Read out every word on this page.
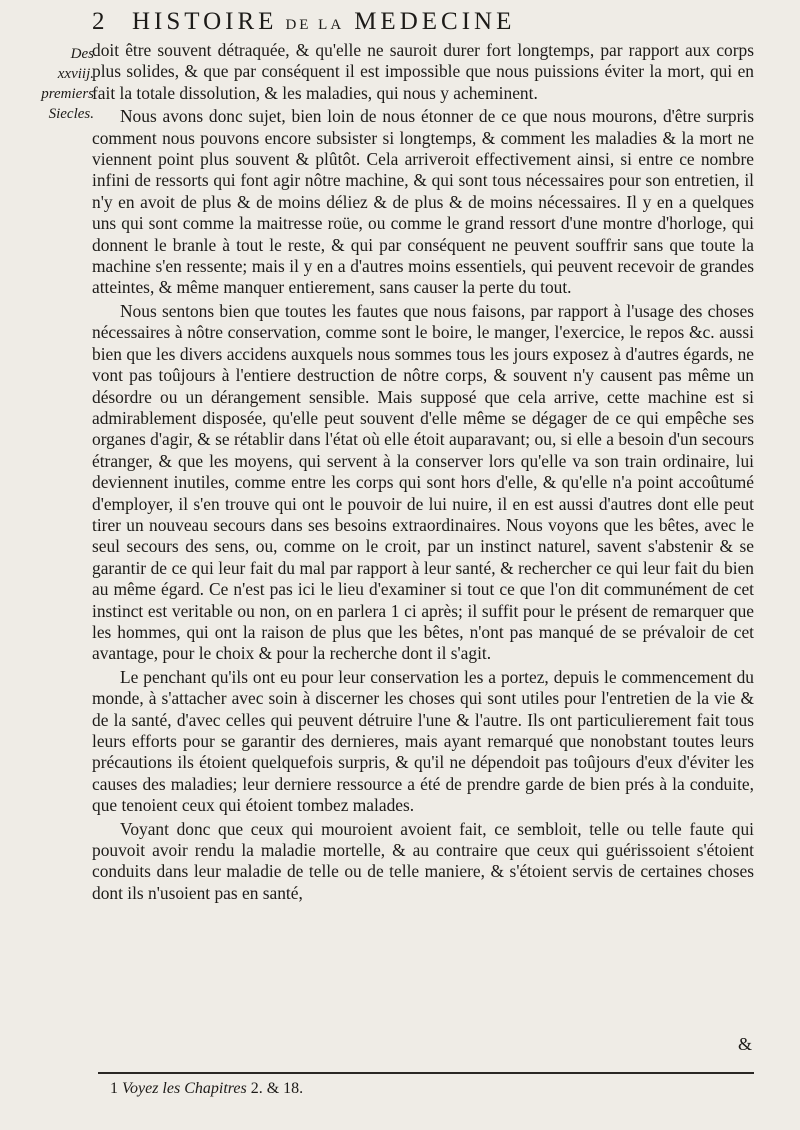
2 HISTOIRE DE LA MEDECINE
Des
xxviij.
premiers
Siecles.

doit être souvent détraquée, & qu'elle ne sauroit durer fort longtemps, par rapport aux corps plus solides, & que par conséquent il est impossible que nous puissions éviter la mort, qui en fait la totale dissolution, & les maladies, qui nous y acheminent.

Nous avons donc sujet, bien loin de nous étonner de ce que nous mourons, d'être surpris comment nous pouvons encore subsister si longtemps, & comment les maladies & la mort ne viennent point plus souvent & plûtôt. Cela arriveroit effectivement ainsi, si entre ce nombre infini de ressorts qui font agir nôtre machine, & qui sont tous nécessaires pour son entretien, il n'y en avoit de plus & de moins déliez & de plus & de moins nécessaires. Il y en a quelques uns qui sont comme la maitresse roüe, ou comme le grand ressort d'une montre d'horloge, qui donnent le branle à tout le reste, & qui par conséquent ne peuvent souffrir sans que toute la machine s'en ressente; mais il y en a d'autres moins essentiels, qui peuvent recevoir de grandes atteintes, & même manquer entierement, sans causer la perte du tout.

Nous sentons bien que toutes les fautes que nous faisons, par rapport à l'usage des choses nécessaires à nôtre conservation, comme sont le boire, le manger, l'exercice, le repos &c. aussi bien que les divers accidens auxquels nous sommes tous les jours exposez à d'autres égards, ne vont pas toûjours à l'entiere destruction de nôtre corps, & souvent n'y causent pas même un désordre ou un dérangement sensible. Mais supposé que cela arrive, cette machine est si admirablement disposée, qu'elle peut souvent d'elle même se dégager de ce qui empêche ses organes d'agir, & se rétablir dans l'état où elle étoit auparavant; ou, si elle a besoin d'un secours étranger, & que les moyens, qui servent à la conserver lors qu'elle va son train ordinaire, lui deviennent inutiles, comme entre les corps qui sont hors d'elle, & qu'elle n'a point accoûtumé d'employer, il s'en trouve qui ont le pouvoir de lui nuire, il en est aussi d'autres dont elle peut tirer un nouveau secours dans ses besoins extraordinaires. Nous voyons que les bêtes, avec le seul secours des sens, ou, comme on le croit, par un instinct naturel, savent s'abstenir & se garantir de ce qui leur fait du mal par rapport à leur santé, & rechercher ce qui leur fait du bien au même égard. Ce n'est pas ici le lieu d'examiner si tout ce que l'on dit communément de cet instinct est veritable ou non, on en parlera 1 ci après; il suffit pour le présent de remarquer que les hommes, qui ont la raison de plus que les bêtes, n'ont pas manqué de se prévaloir de cet avantage, pour le choix & pour la recherche dont il s'agit.

Le penchant qu'ils ont eu pour leur conservation les a portez, depuis le commencement du monde, à s'attacher avec soin à discerner les choses qui sont utiles pour l'entretien de la vie & de la santé, d'avec celles qui peuvent détruire l'une & l'autre. Ils ont particulierement fait tous leurs efforts pour se garantir des dernieres, mais ayant remarqué que nonobstant toutes leurs précautions ils étoient quelquefois surpris, & qu'il ne dépendoit pas toûjours d'eux d'éviter les causes des maladies; leur derniere ressource a été de prendre garde de bien prés à la conduite, que tenoient ceux qui étoient tombez malades.

Voyant donc que ceux qui mouroient avoient fait, ce sembloit, telle ou telle faute qui pouvoit avoir rendu la maladie mortelle, & au contraire que ceux qui guérissoient s'étoient conduits dans leur maladie de telle ou de telle maniere, & s'étoient servis de certaines choses dont ils n'usoient pas en santé,

&
1 Voyez les Chapitres 2. & 18.
